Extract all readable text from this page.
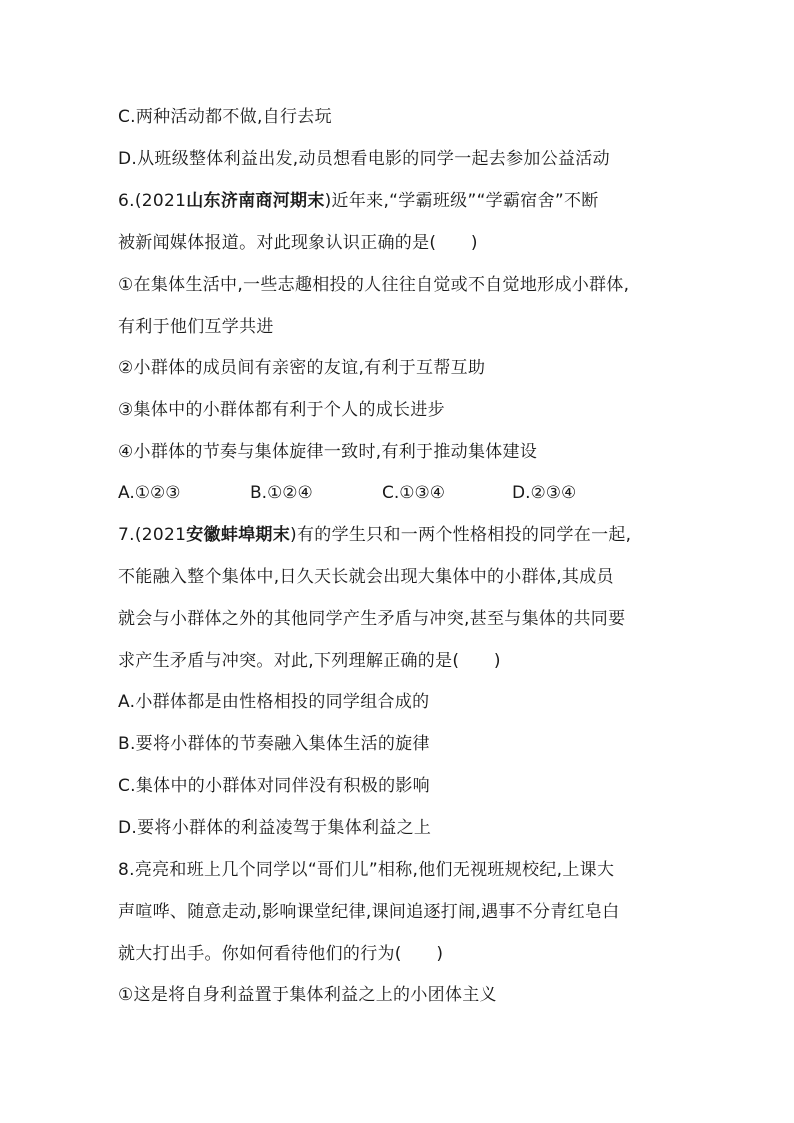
C.两种活动都不做,自行去玩
D.从班级整体利益出发,动员想看电影的同学一起去参加公益活动
6.(2021山东济南商河期末)近年来,“学霸班级”“学霸宿舍”不断
被新闻媒体报道。对此现象认识正确的是(　　)
①在集体生活中,一些志趣相投的人往往自觉或不自觉地形成小群体,
有利于他们互学共进
②小群体的成员间有亲密的友谊,有利于互帮互助
③集体中的小群体都有利于个人的成长进步
④小群体的节奏与集体旋律一致时,有利于推动集体建设
A.①②③	B.①②④	C.①③④	D.②③④
7.(2021安徽蚌埠期末)有的学生只和一两个性格相投的同学在一起,
不能融入整个集体中,日久天长就会出现大集体中的小群体,其成员
就会与小群体之外的其他同学产生矛盾与冲突,甚至与集体的共同要
求产生矛盾与冲突。对此,下列理解正确的是(　　)
A.小群体都是由性格相投的同学组合成的
B.要将小群体的节奏融入集体生活的旋律
C.集体中的小群体对同伴没有积极的影响
D.要将小群体的利益凌驾于集体利益之上
8.亮亮和班上几个同学以“哥们儿”相称,他们无视班规校纪,上课大
声喧哗、随意走动,影响课堂纪律,课间追逐打闹,遇事不分青红皂白
就大打出手。你如何看待他们的行为(　　)
①这是将自身利益置于集体利益之上的小团体主义
